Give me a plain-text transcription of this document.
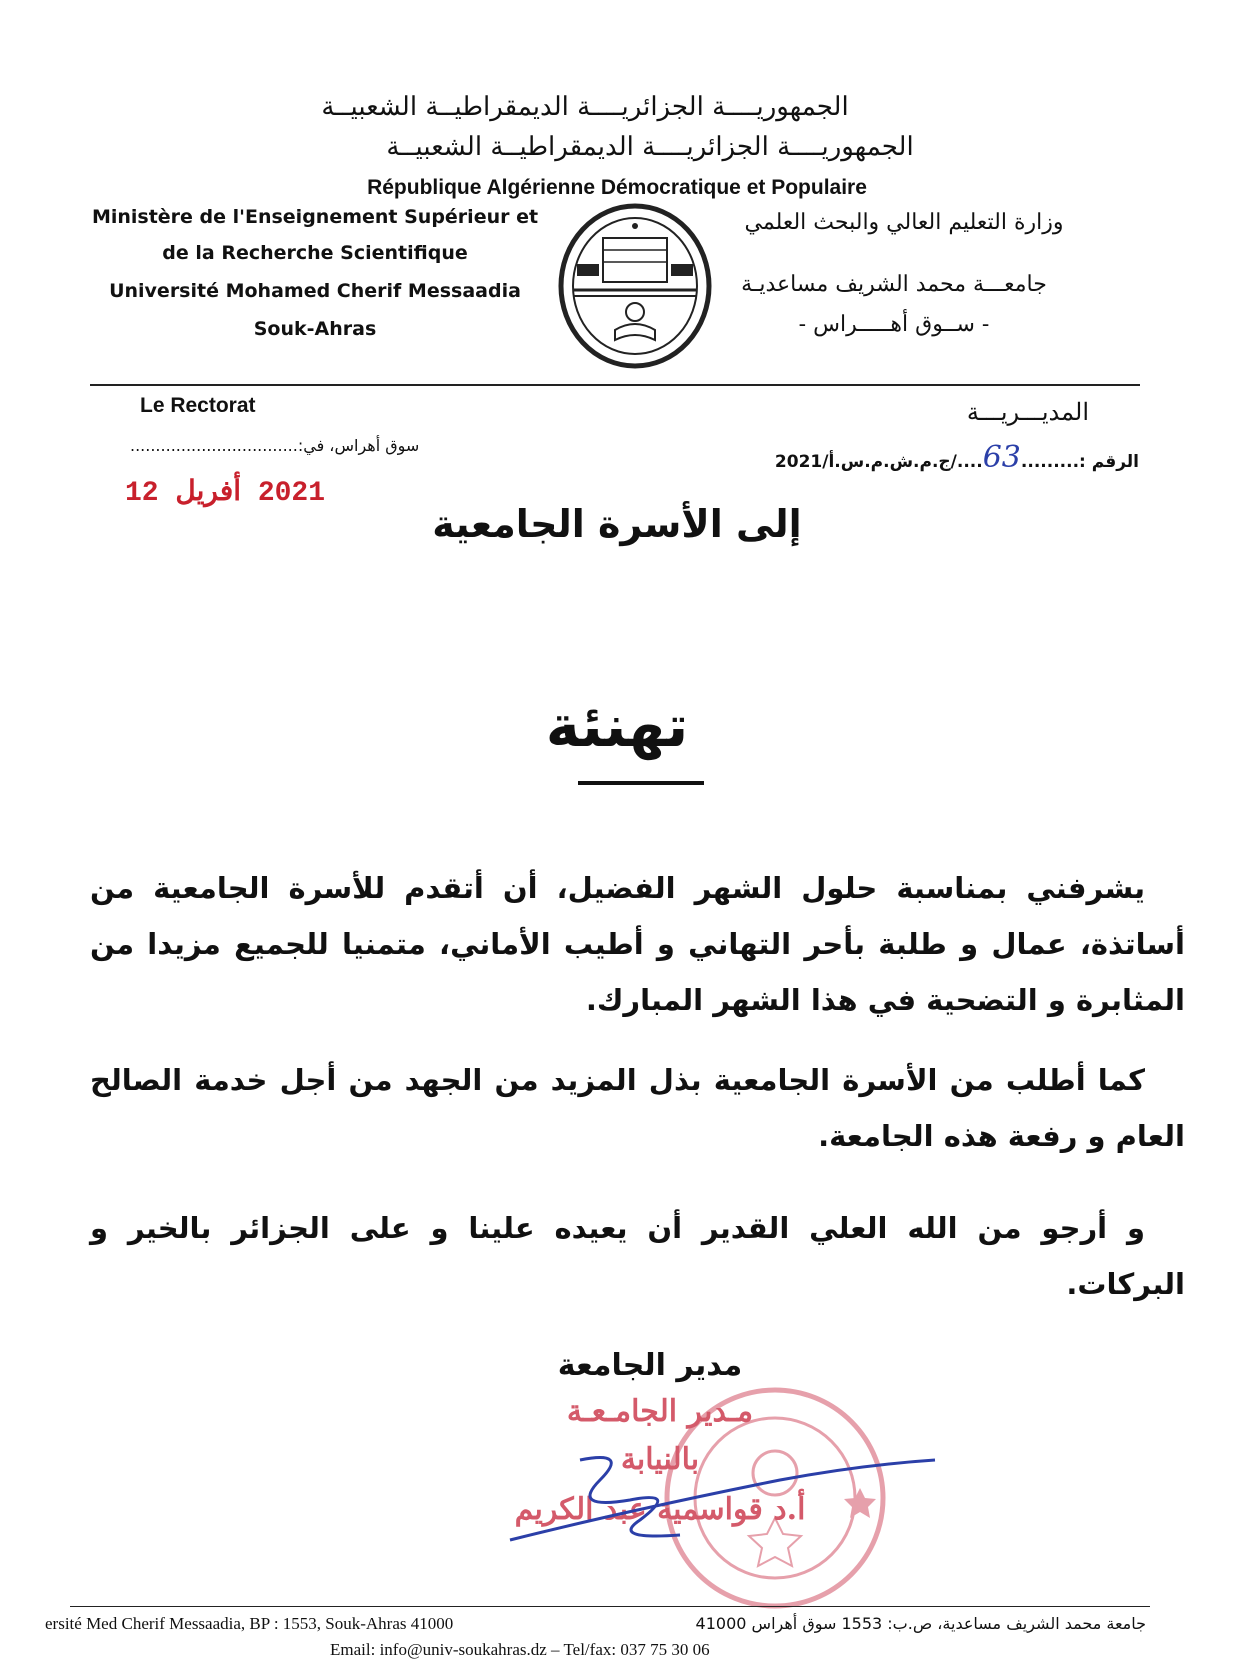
الجمهوريــــة الجزائريــــة الديمقراطيــة الشعبيــة
الجمهوريــــة الجزائريــــة الديمقراطيــة الشعبيــة
République Algérienne Démocratique et Populaire
Ministère de l'Enseignement Supérieur et
de la Recherche Scientifique
Université Mohamed Cherif Messaadia
Souk-Ahras
وزارة التعليم العالي والبحث العلمي
جامعـــة محمد الشريف مساعديـة
- ســوق أهـــــراس -
Le Rectorat	المديـــريـــة
سوق أهراس، في:.................................
الرقم :.........63..../ج.م.ش.م.س.أ/2021
2021 أفريل 12
إلى الأسرة الجامعية
تهنئة
يشرفني بمناسبة حلول الشهر الفضيل، أن أتقدم للأسرة الجامعية من أساتذة، عمال و طلبة بأحر التهاني و أطيب الأماني، متمنيا للجميع مزيدا من المثابرة و التضحية في هذا الشهر المبارك.
كما أطلب من الأسرة الجامعية بذل المزيد من الجهد من أجل خدمة الصالح العام و رفعة هذه الجامعة.
و أرجو من الله العلي القدير أن يعيده علينا و على الجزائر بالخير و البركات.
مدير الجامعة
مـدير الجامـعـة
بالنيابة
أ.د قواسمية عبد الكريم
ersité Med Cherif Messaadia, BP : 1553, Souk-Ahras 41000	جامعة محمد الشريف مساعدية، ص.ب: 1553 سوق أهراس 41000
Email: info@univ-soukahras.dz – Tel/fax: 037 75 30 06
